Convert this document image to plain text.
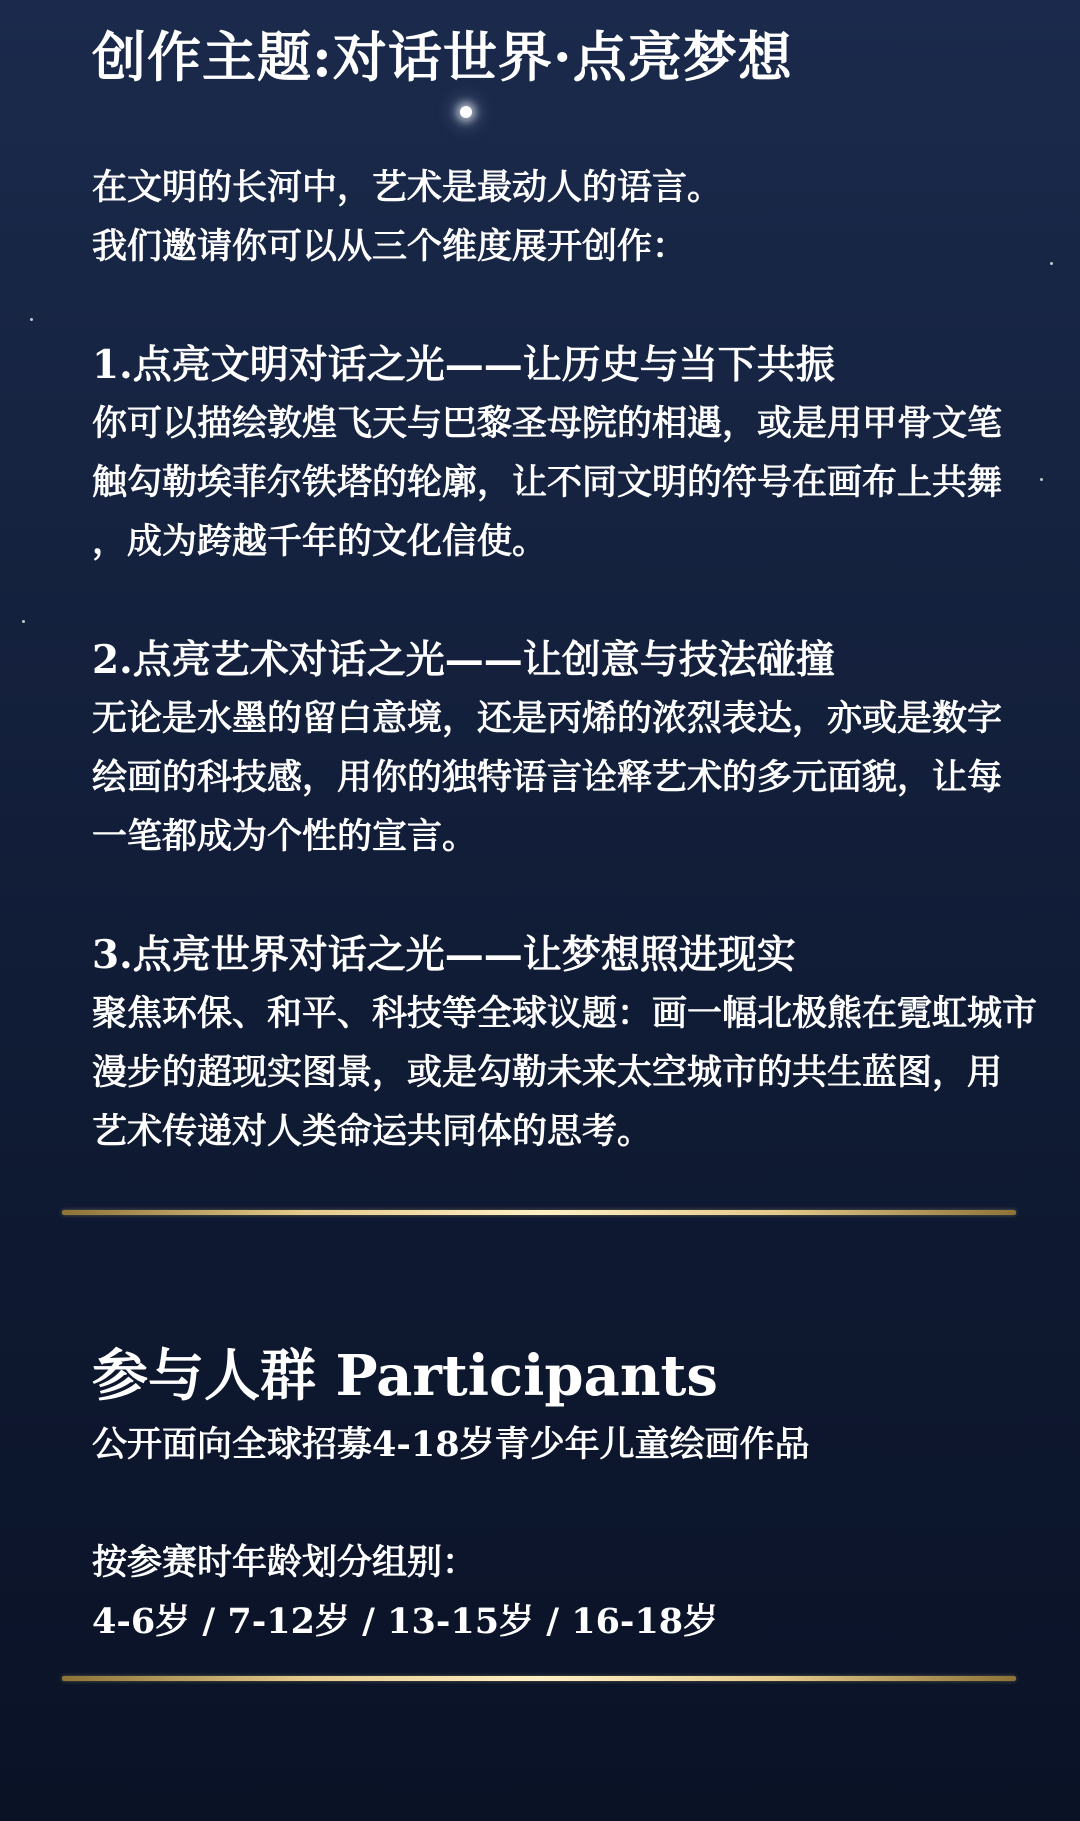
创作主题:对话世界·点亮梦想

在文明的长河中，艺术是最动人的语言。

我们邀请你可以从三个维度展开创作：

1.点亮文明对话之光——让历史与当下共振

你可以描绘敦煌飞天与巴黎圣母院的相遇，或是用甲骨文笔

触勾勒埃菲尔铁塔的轮廓，让不同文明的符号在画布上共舞

，成为跨越千年的文化信使。

2.点亮艺术对话之光——让创意与技法碰撞

无论是水墨的留白意境，还是丙烯的浓烈表达，亦或是数字

绘画的科技感，用你的独特语言诠释艺术的多元面貌，让每

一笔都成为个性的宣言。

3.点亮世界对话之光——让梦想照进现实

聚焦环保、和平、科技等全球议题：画一幅北极熊在霓虹城市

漫步的超现实图景，或是勾勒未来太空城市的共生蓝图，用

艺术传递对人类命运共同体的思考。

参与人群 Participants

公开面向全球招募4-18岁青少年儿童绘画作品

按参赛时年龄划分组别：

4-6岁 / 7-12岁 / 13-15岁 / 16-18岁
